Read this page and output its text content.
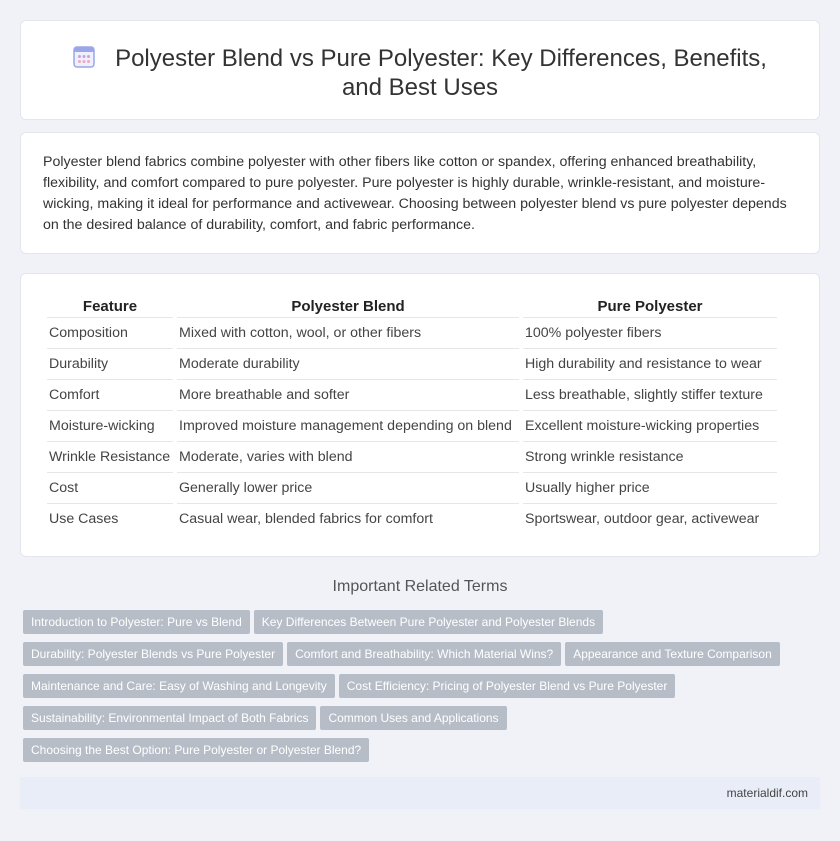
Polyester Blend vs Pure Polyester: Key Differences, Benefits, and Best Uses

Polyester blend fabrics combine polyester with other fibers like cotton or spandex, offering enhanced breathability, flexibility, and comfort compared to pure polyester. Pure polyester is highly durable, wrinkle-resistant, and moisture-wicking, making it ideal for performance and activewear. Choosing between polyester blend vs pure polyester depends on the desired balance of durability, comfort, and fabric performance.

Feature	Polyester Blend	Pure Polyester
Composition	Mixed with cotton, wool, or other fibers	100% polyester fibers
Durability	Moderate durability	High durability and resistance to wear
Comfort	More breathable and softer	Less breathable, slightly stiffer texture
Moisture-wicking	Improved moisture management depending on blend	Excellent moisture-wicking properties
Wrinkle Resistance	Moderate, varies with blend	Strong wrinkle resistance
Cost	Generally lower price	Usually higher price
Use Cases	Casual wear, blended fabrics for comfort	Sportswear, outdoor gear, activewear
Important Related Terms
Introduction to Polyester: Pure vs Blend Key Differences Between Pure Polyester and Polyester Blends
Durability: Polyester Blends vs Pure Polyester Comfort and Breathability: Which Material Wins? Appearance and Texture Comparison
Maintenance and Care: Easy of Washing and Longevity Cost Efficiency: Pricing of Polyester Blend vs Pure Polyester
Sustainability: Environmental Impact of Both Fabrics Common Uses and Applications
Choosing the Best Option: Pure Polyester or Polyester Blend?
materialdif.com
